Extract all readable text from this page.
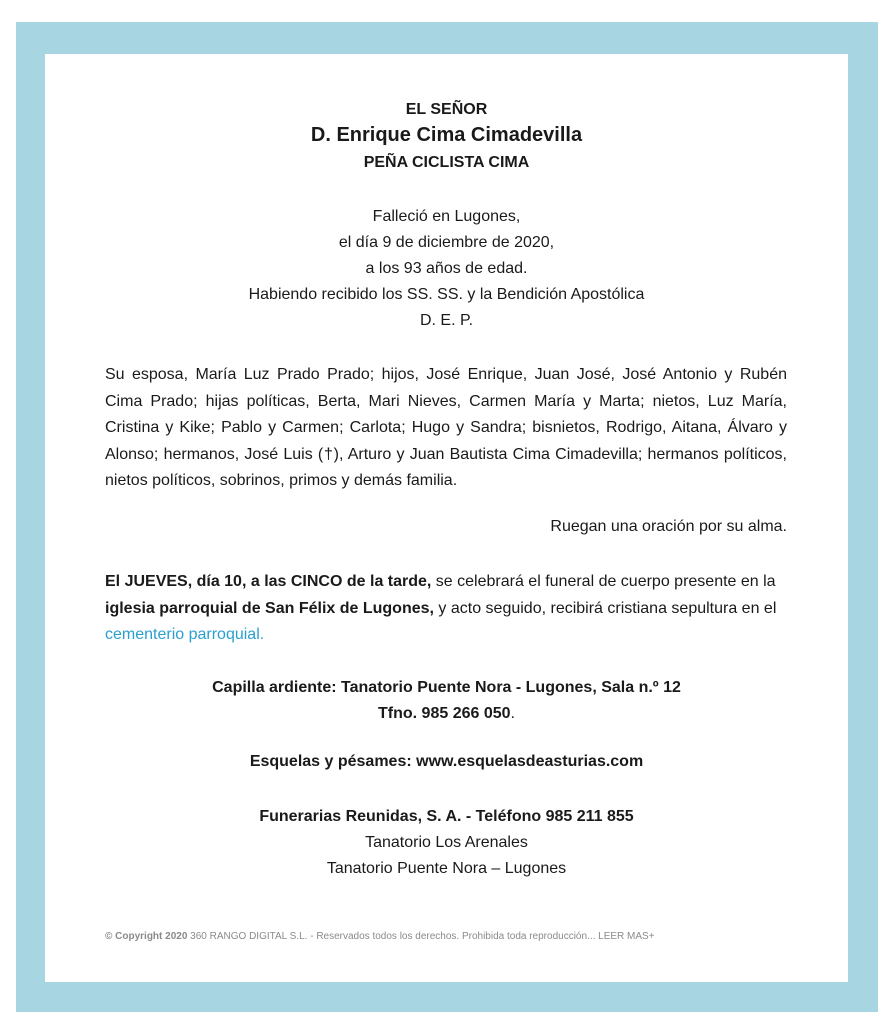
EL SEÑOR
D. Enrique Cima Cimadevilla
PEÑA CICLISTA CIMA
Falleció en Lugones,
el día 9 de diciembre de 2020,
a los 93 años de edad.
Habiendo recibido los SS. SS. y la Bendición Apostólica
D. E. P.
Su esposa, María Luz Prado Prado; hijos, José Enrique, Juan José, José Antonio y Rubén Cima Prado; hijas políticas, Berta, Mari Nieves, Carmen María y Marta; nietos, Luz María, Cristina y Kike; Pablo y Carmen; Carlota; Hugo y Sandra; bisnietos, Rodrigo, Aitana, Álvaro y Alonso; hermanos, José Luis (†), Arturo y Juan Bautista Cima Cimadevilla; hermanos políticos, nietos políticos, sobrinos, primos y demás familia.
Ruegan una oración por su alma.
El JUEVES, día 10, a las CINCO de la tarde, se celebrará el funeral de cuerpo presente en la iglesia parroquial de San Félix de Lugones, y acto seguido, recibirá cristiana sepultura en el cementerio parroquial.
Capilla ardiente: Tanatorio Puente Nora - Lugones, Sala n.º 12
Tfno. 985 266 050.
Esquelas y pésames: www.esquelasdeasturias.com
Funerarias Reunidas, S. A. - Teléfono 985 211 855
Tanatorio Los Arenales
Tanatorio Puente Nora – Lugones
© Copyright 2020 360 RANGO DIGITAL S.L. - Reservados todos los derechos. Prohibida toda reproducción... LEER MAS+
